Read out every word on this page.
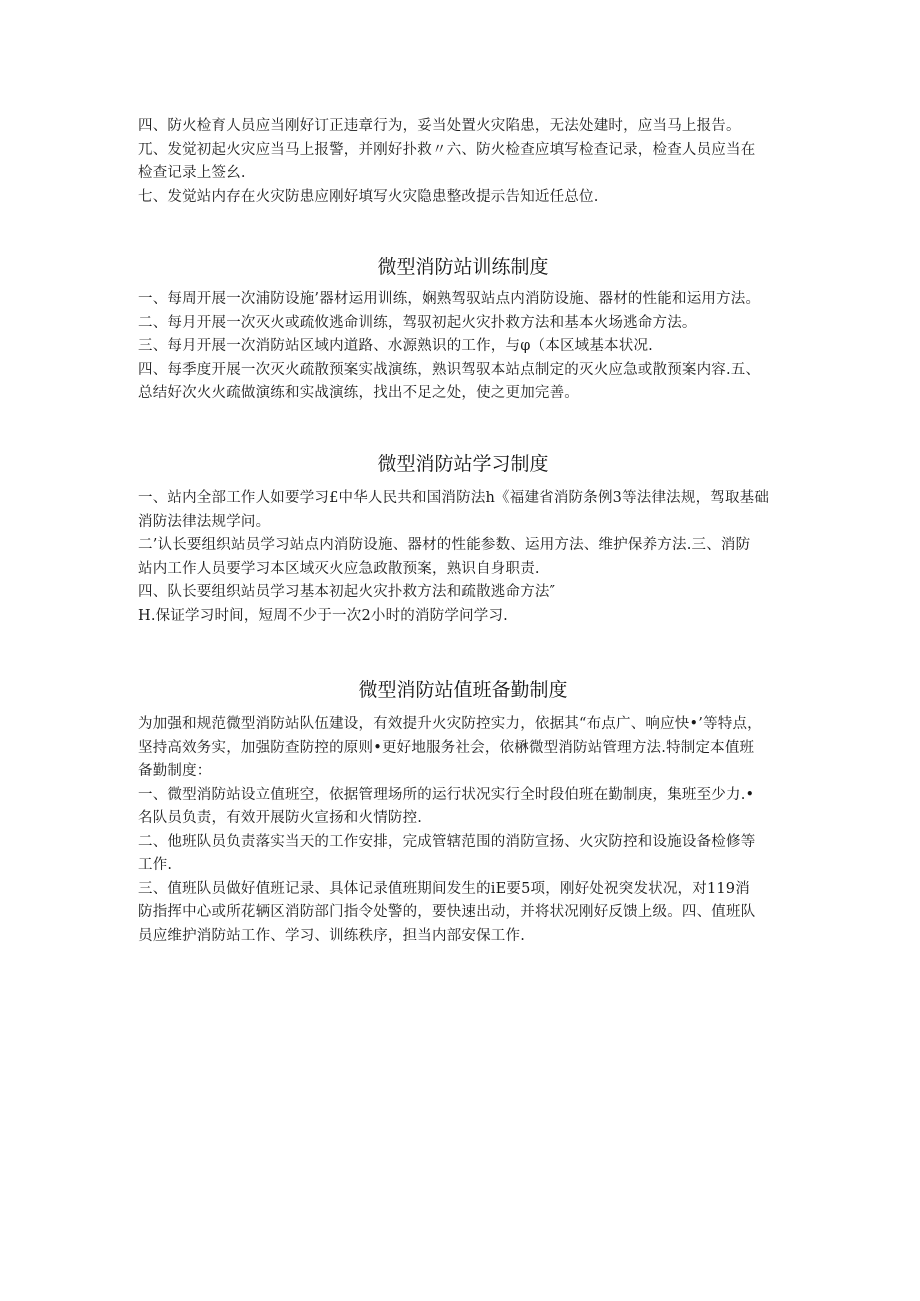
四、防火检育人员应当刚好订正违章行为，妥当处置火灾陷患，无法处建时，应当马上报告。
兀、发觉初起火灾应当马上报警，并刚好扑救〃六、防火检查应填写检查记录，检查人员应当在
检查记录上签幺.
七、发觉站内存在火灾防患应刚好填写火灾隐患整改提示告知近任总位.
微型消防站训练制度
一、每周开展一次浦防设施’器材运用训练，娴熟驾驭站点内消防设施、器材的性能和运用方法。
二、每月开展一次灭火或疏攸逃命训练，驾驭初起火灾扑救方法和基本火场逃命方法。
三、每月开展一次消防站区域内道路、水源熟识的工作，与φ（本区域基本状况.
四、每季度开展一次灭火疏散预案实战演练，熟识驾驭本站点制定的灭火应急或散预案内容.五、
总结好次火火疏做演练和实战演练，找出不足之处，使之更加完善。
微型消防站学习制度
一、站内全部工作人如要学习£中华人民共和国消防法h《福建省消防条例3等法律法规，驾取基础
消防法律法规学问。
二’认长要组织站员学习站点内消防设施、器材的性能参数、运用方法、维护保养方法.三、消防
站内工作人员要学习本区域灭火应急政散预案，熟识自身职责.
四、队长要组织站员学习基本初起火灾扑救方法和疏散逃命方法″
H.保证学习时间，短周不少于一次2小时的消防学问学习.
微型消防站值班备勤制度
为加强和规范微型消防站队伍建设，有效提升火灾防控实力，依据其“布点广、响应快•’等特点，
坚持高效务实，加强防查防控的原则•更好地服务社会，依楙微型消防站管理方法.特制定本值班
备勤制度：
一、微型消防站设立值班空，依据管理场所的运行状况实行全时段伯班在勤制庚，集班至少力.•
名队员负责，有效开展防火宣扬和火情防控.
二、他班队员负责落实当天的工作安排，完成管辖范围的消防宣扬、火灾防控和设施设备检修等
工作.
三、值班队员做好值班记录、具体记录值班期间发生的iE要5项，刚好处祝突发状况，对119消
防指挥中心或所花辆区消防部门指令处警的，要快速出动，并将状况刚好反馈上级。四、值班队
员应维护消防站工作、学习、训练秩序，担当内部安保工作.
